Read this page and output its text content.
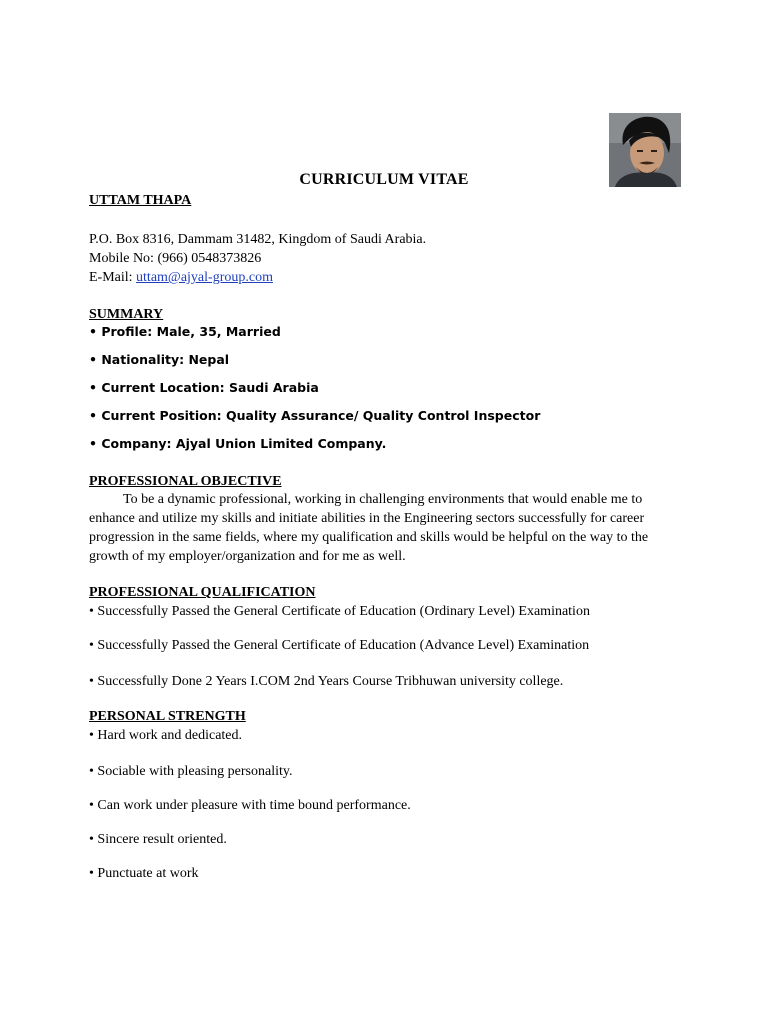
CURRICULUM VITAE
UTTAM THAPA
P.O. Box 8316, Dammam 31482, Kingdom of Saudi Arabia.
Mobile No: (966) 0548373826
E-Mail: uttam@ajyal-group.com
SUMMARY
• Profile: Male, 35, Married
• Nationality: Nepal
• Current Location: Saudi Arabia
• Current Position: Quality Assurance/ Quality Control Inspector
• Company: Ajyal Union Limited Company.
PROFESSIONAL OBJECTIVE
To be a dynamic professional, working in challenging environments that would enable me to enhance and utilize my skills and initiate abilities in the Engineering sectors successfully for career progression in the same fields, where my qualification and skills would be helpful on the way to the growth of my employer/organization and for me as well.
PROFESSIONAL QUALIFICATION
• Successfully Passed the General Certificate of Education (Ordinary Level) Examination
• Successfully Passed the General Certificate of Education (Advance Level) Examination
• Successfully Done 2 Years I.COM 2nd Years Course Tribhuwan university college.
PERSONAL STRENGTH
• Hard work and dedicated.
• Sociable with pleasing personality.
• Can work under pleasure with time bound performance.
• Sincere result oriented.
• Punctuate at work
